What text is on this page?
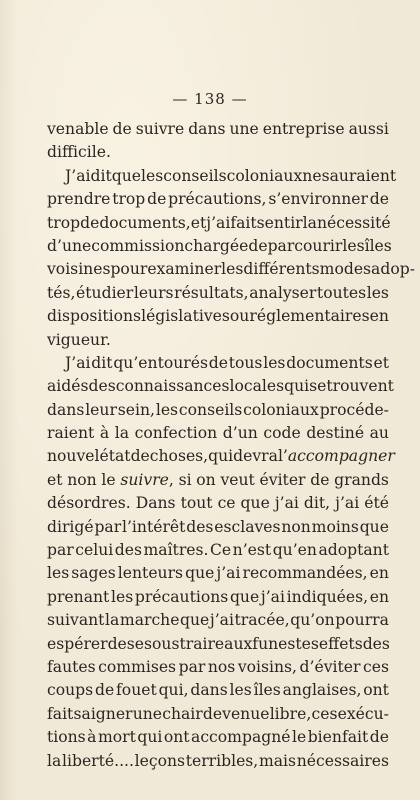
— 138 —
venable de suivre dans une entreprise aussi
difficile.
J’ai dit que les conseils coloniaux ne sauraient
prendre trop de précautions, s’environner de
trop de documents, et j’ai fait sentir la nécessité
d’une commission chargée de parcourir les îles
voisines pour examiner les différents modes adop-
tés, étudier leurs résultats, analyser toutes les
dispositions législatives ou réglementaires en
vigueur.
J’ai dit qu’entourés de tous les documents et
aidés des connaissances locales qui se trouvent
dans leur sein, les conseils coloniaux procéde-
raient à la confection d’un code destiné au
nouvel état de choses, qui devra l’accompagner
et non le suivre, si on veut éviter de grands
désordres. Dans tout ce que j’ai dit, j’ai été
dirigé par l’intérêt des esclaves non moins que
par celui des maîtres. Ce n’est qu’en adoptant
les sages lenteurs que j’ai recommandées, en
prenant les précautions que j’ai indiquées, en
suivant la marche que j’ai tracée, qu’on pourra
espérer de se soustraire aux funestes effets des
fautes commises par nos voisins, d’éviter ces
coups de fouet qui, dans les îles anglaises, ont
fait saigner une chair devenue libre, ces exécu-
tions à mort qui ont accompagné le bienfait de
la liberté.... leçons terribles, mais nécessaires
